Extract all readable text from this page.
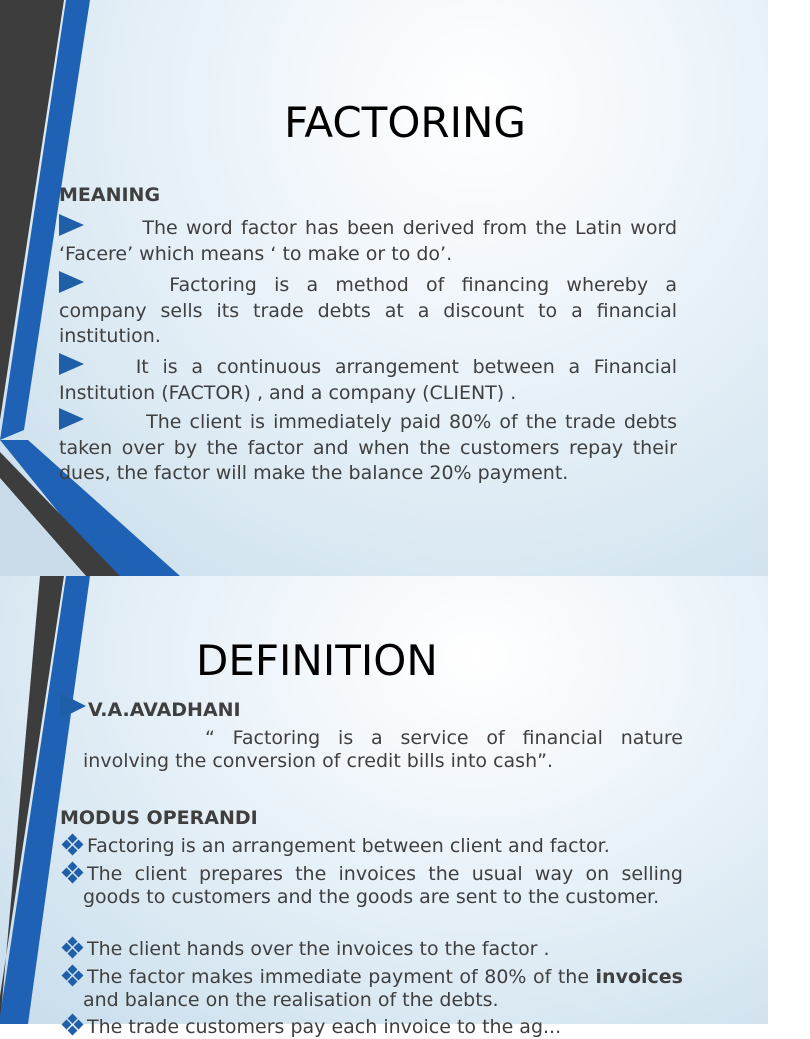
FACTORING
MEANING
The word factor has been derived from the Latin word ‘Facere’ which means ‘ to make or to do’.
Factoring is a method of financing whereby a company sells its trade debts at a discount to a financial institution.
It is a continuous arrangement between a Financial Institution (FACTOR) , and a company (CLIENT) .
The client is immediately paid 80% of the trade debts taken over by the factor and when the customers repay their dues, the factor will make the balance 20% payment.
DEFINITION
V.A.AVADHANI
“ Factoring is a service of financial nature involving the conversion of credit bills into cash”.
MODUS OPERANDI
Factoring is an arrangement between client and factor.
The client prepares the invoices the usual way on selling goods to customers and the goods are sent to the customer.
The client hands over the invoices to the factor .
The factor makes immediate payment of 80% of the invoices and balance on the realisation of the debts.
The trade customers pay each invoice to the ag...
